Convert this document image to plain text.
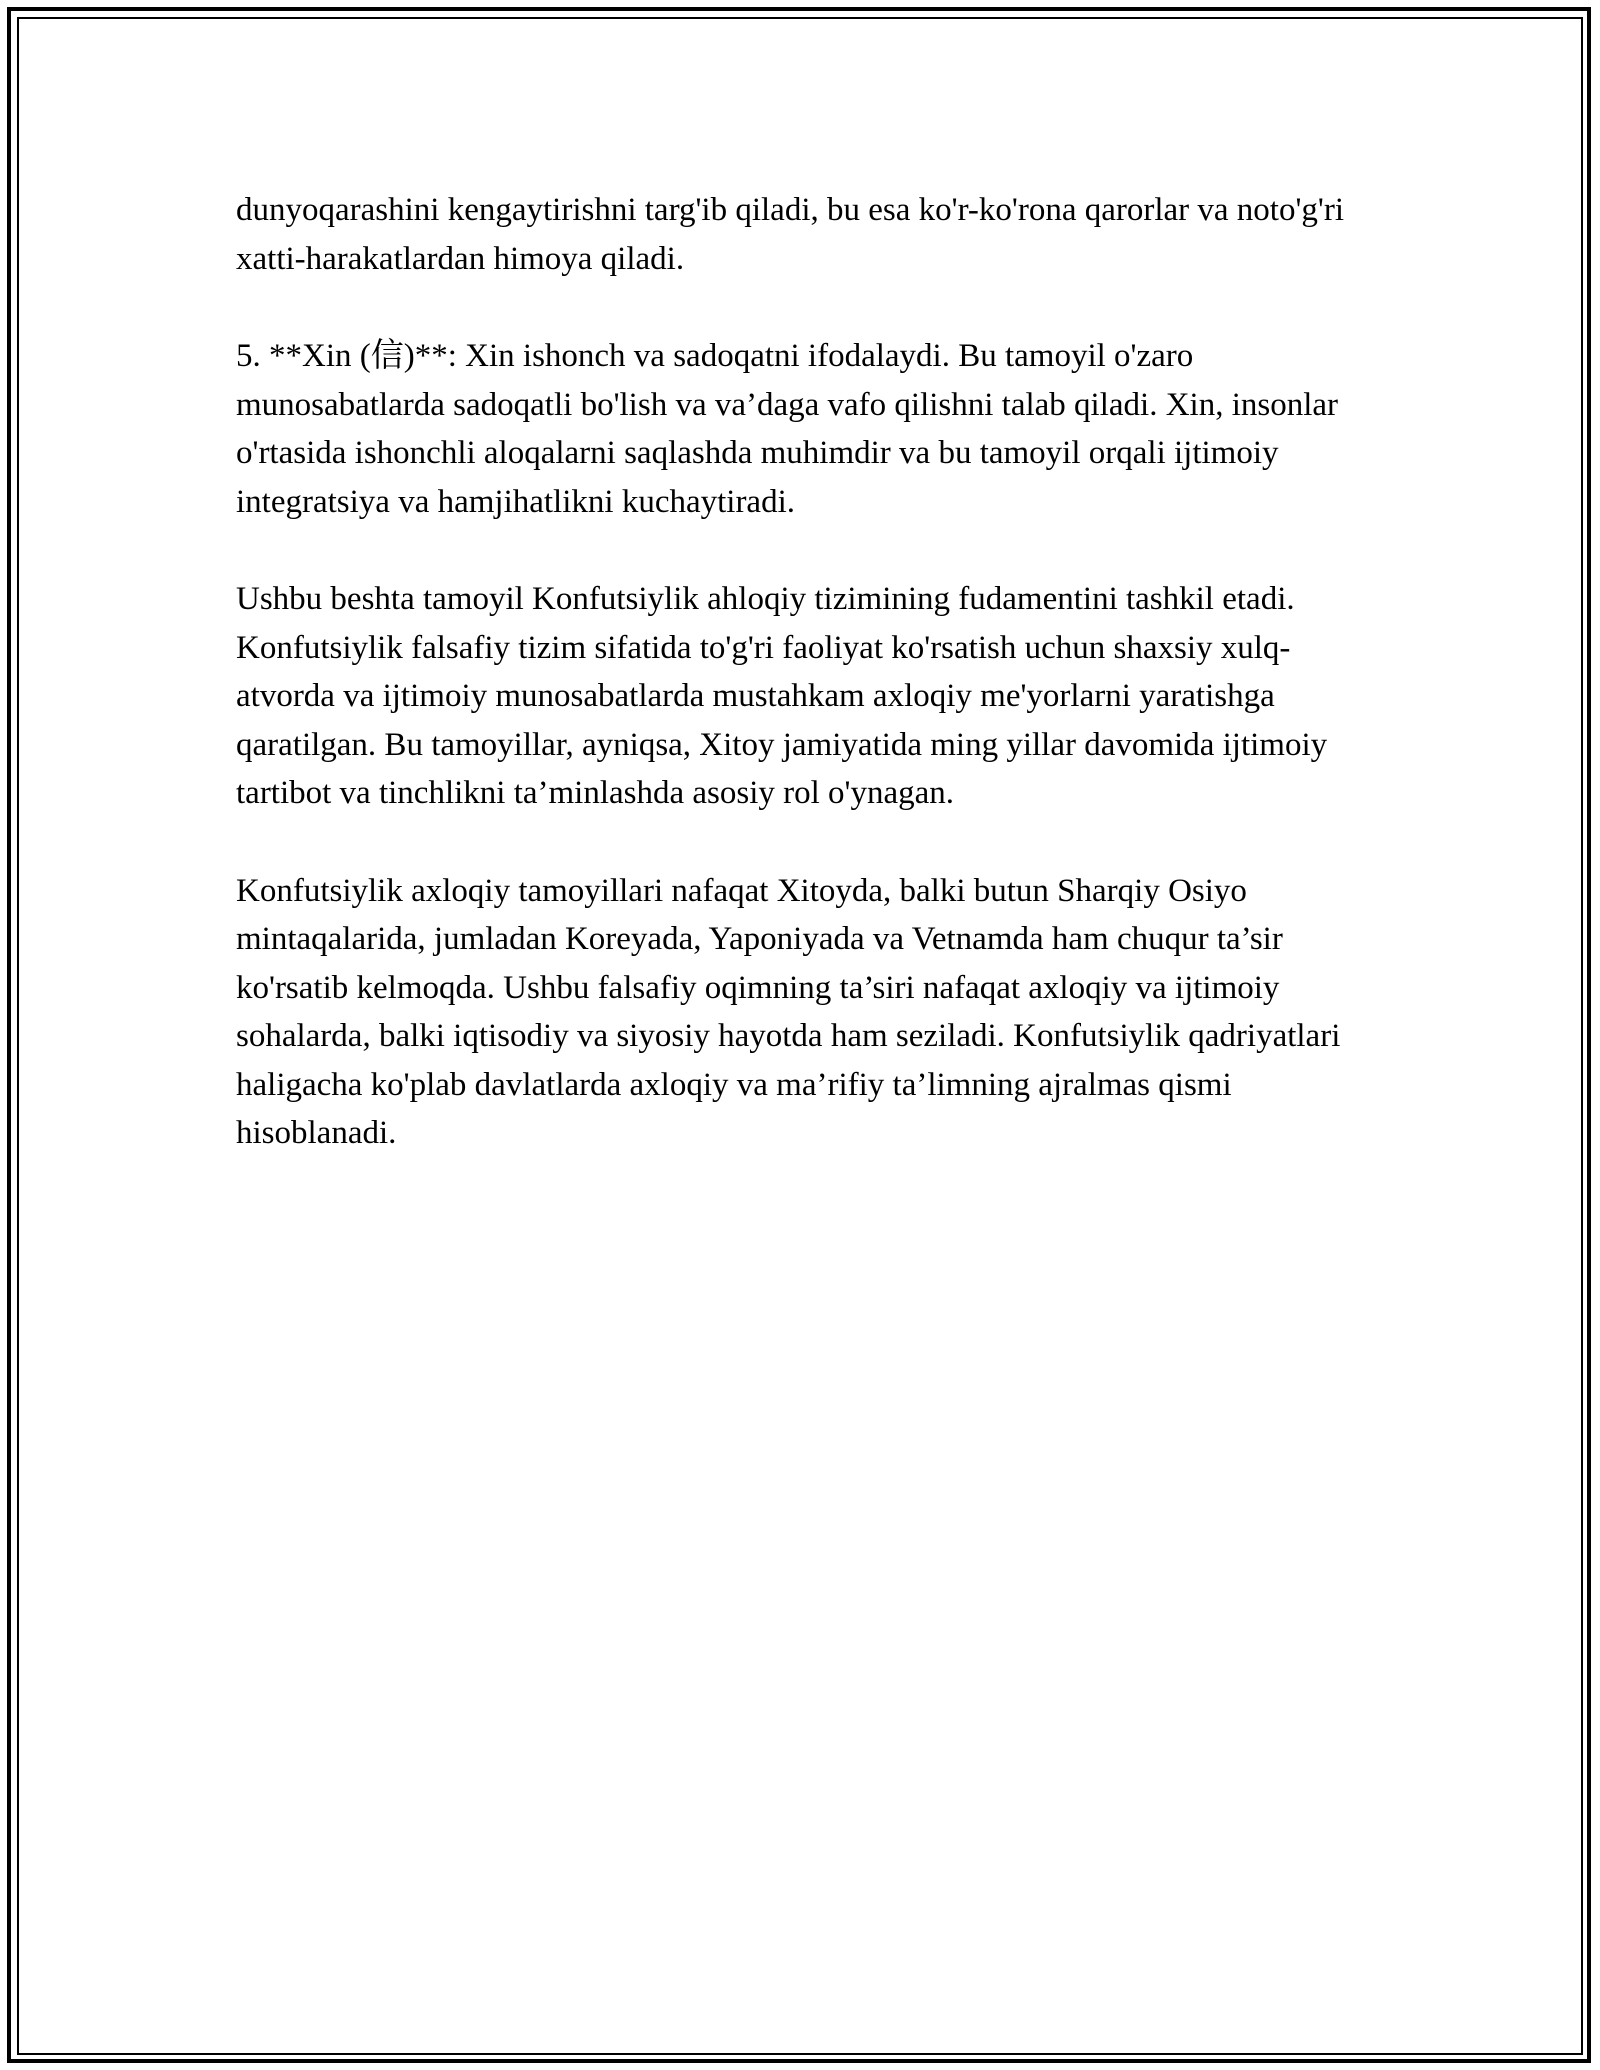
dunyoqarashini kengaytirishni targ'ib qiladi, bu esa ko'r-ko'rona qarorlar va noto'g'ri xatti-harakatlardan himoya qiladi.

5. **Xin (信)**: Xin ishonch va sadoqatni ifodalaydi. Bu tamoyil o'zaro munosabatlarda sadoqatli bo'lish va va’daga vafo qilishni talab qiladi. Xin, insonlar o'rtasida ishonchli aloqalarni saqlashda muhimdir va bu tamoyil orqali ijtimoiy integratsiya va hamjihatlikni kuchaytiradi.

Ushbu beshta tamoyil Konfutsiylik ahloqiy tizimining fudamentini tashkil etadi. Konfutsiylik falsafiy tizim sifatida to'g'ri faoliyat ko'rsatish uchun shaxsiy xulq-atvorda va ijtimoiy munosabatlarda mustahkam axloqiy me'yorlarni yaratishga qaratilgan. Bu tamoyillar, ayniqsa, Xitoy jamiyatida ming yillar davomida ijtimoiy tartibot va tinchlikni ta’minlashda asosiy rol o'ynagan.

Konfutsiylik axloqiy tamoyillari nafaqat Xitoyda, balki butun Sharqiy Osiyo mintaqalarida, jumladan Koreyada, Yaponiyada va Vetnamda ham chuqur ta’sir ko'rsatib kelmoqda. Ushbu falsafiy oqimning ta’siri nafaqat axloqiy va ijtimoiy sohalarda, balki iqtisodiy va siyosiy hayotda ham seziladi. Konfutsiylik qadriyatlari haligacha ko'plab davlatlarda axloqiy va ma’rifiy ta’limning ajralmas qismi hisoblanadi.
